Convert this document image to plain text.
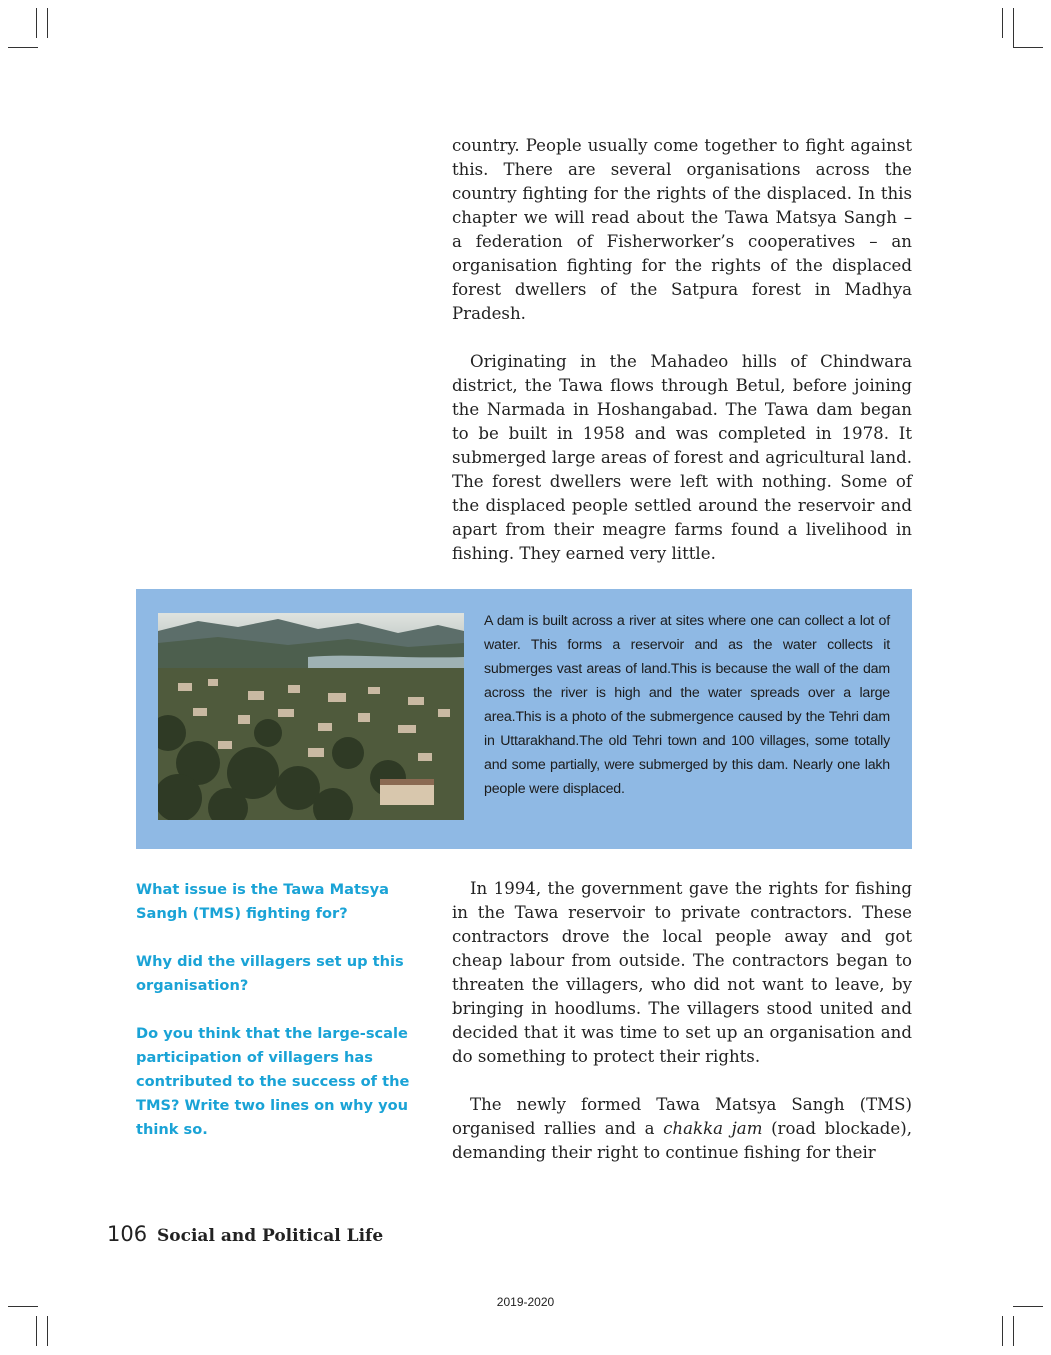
country. People usually come together to fight against this. There are several organisations across the country fighting for the rights of the displaced. In this chapter we will read about the Tawa Matsya Sangh – a federation of Fisherworker’s cooperatives – an organisation fighting for the rights of the displaced forest dwellers of the Satpura forest in Madhya Pradesh.

Originating in the Mahadeo hills of Chindwara district, the Tawa flows through Betul, before joining the Narmada in Hoshangabad. The Tawa dam began to be built in 1958 and was completed in 1978. It submerged large areas of forest and agricultural land. The forest dwellers were left with nothing. Some of the displaced people settled around the reservoir and apart from their meagre farms found a livelihood in fishing. They earned very little.

A dam is built across a river at sites where one can collect a lot of water. This forms a reservoir and as the water collects it submerges vast areas of land.This is because the wall of the dam across the river is high and the water spreads over a large area.This is a photo of the submergence caused by the Tehri dam in Uttarakhand.The old Tehri town and 100 villages, some totally and some partially, were submerged by this dam. Nearly one lakh people were displaced.

What issue is the Tawa Matsya Sangh (TMS) fighting for?

Why did the villagers set up this organisation?

Do you think that the large-scale participation of villagers has contributed to the success of the TMS? Write two lines on why you think so.

In 1994, the government gave the rights for fishing in the Tawa reservoir to private contractors. These contractors drove the local people away and got cheap labour from outside. The contractors began to threaten the villagers, who did not want to leave, by bringing in hoodlums. The villagers stood united and decided that it was time to set up an organisation and do something to protect their rights.

The newly formed Tawa Matsya Sangh (TMS) organised rallies and a chakka jam (road blockade), demanding their right to continue fishing for their

106 Social and Political Life
2019-2020
